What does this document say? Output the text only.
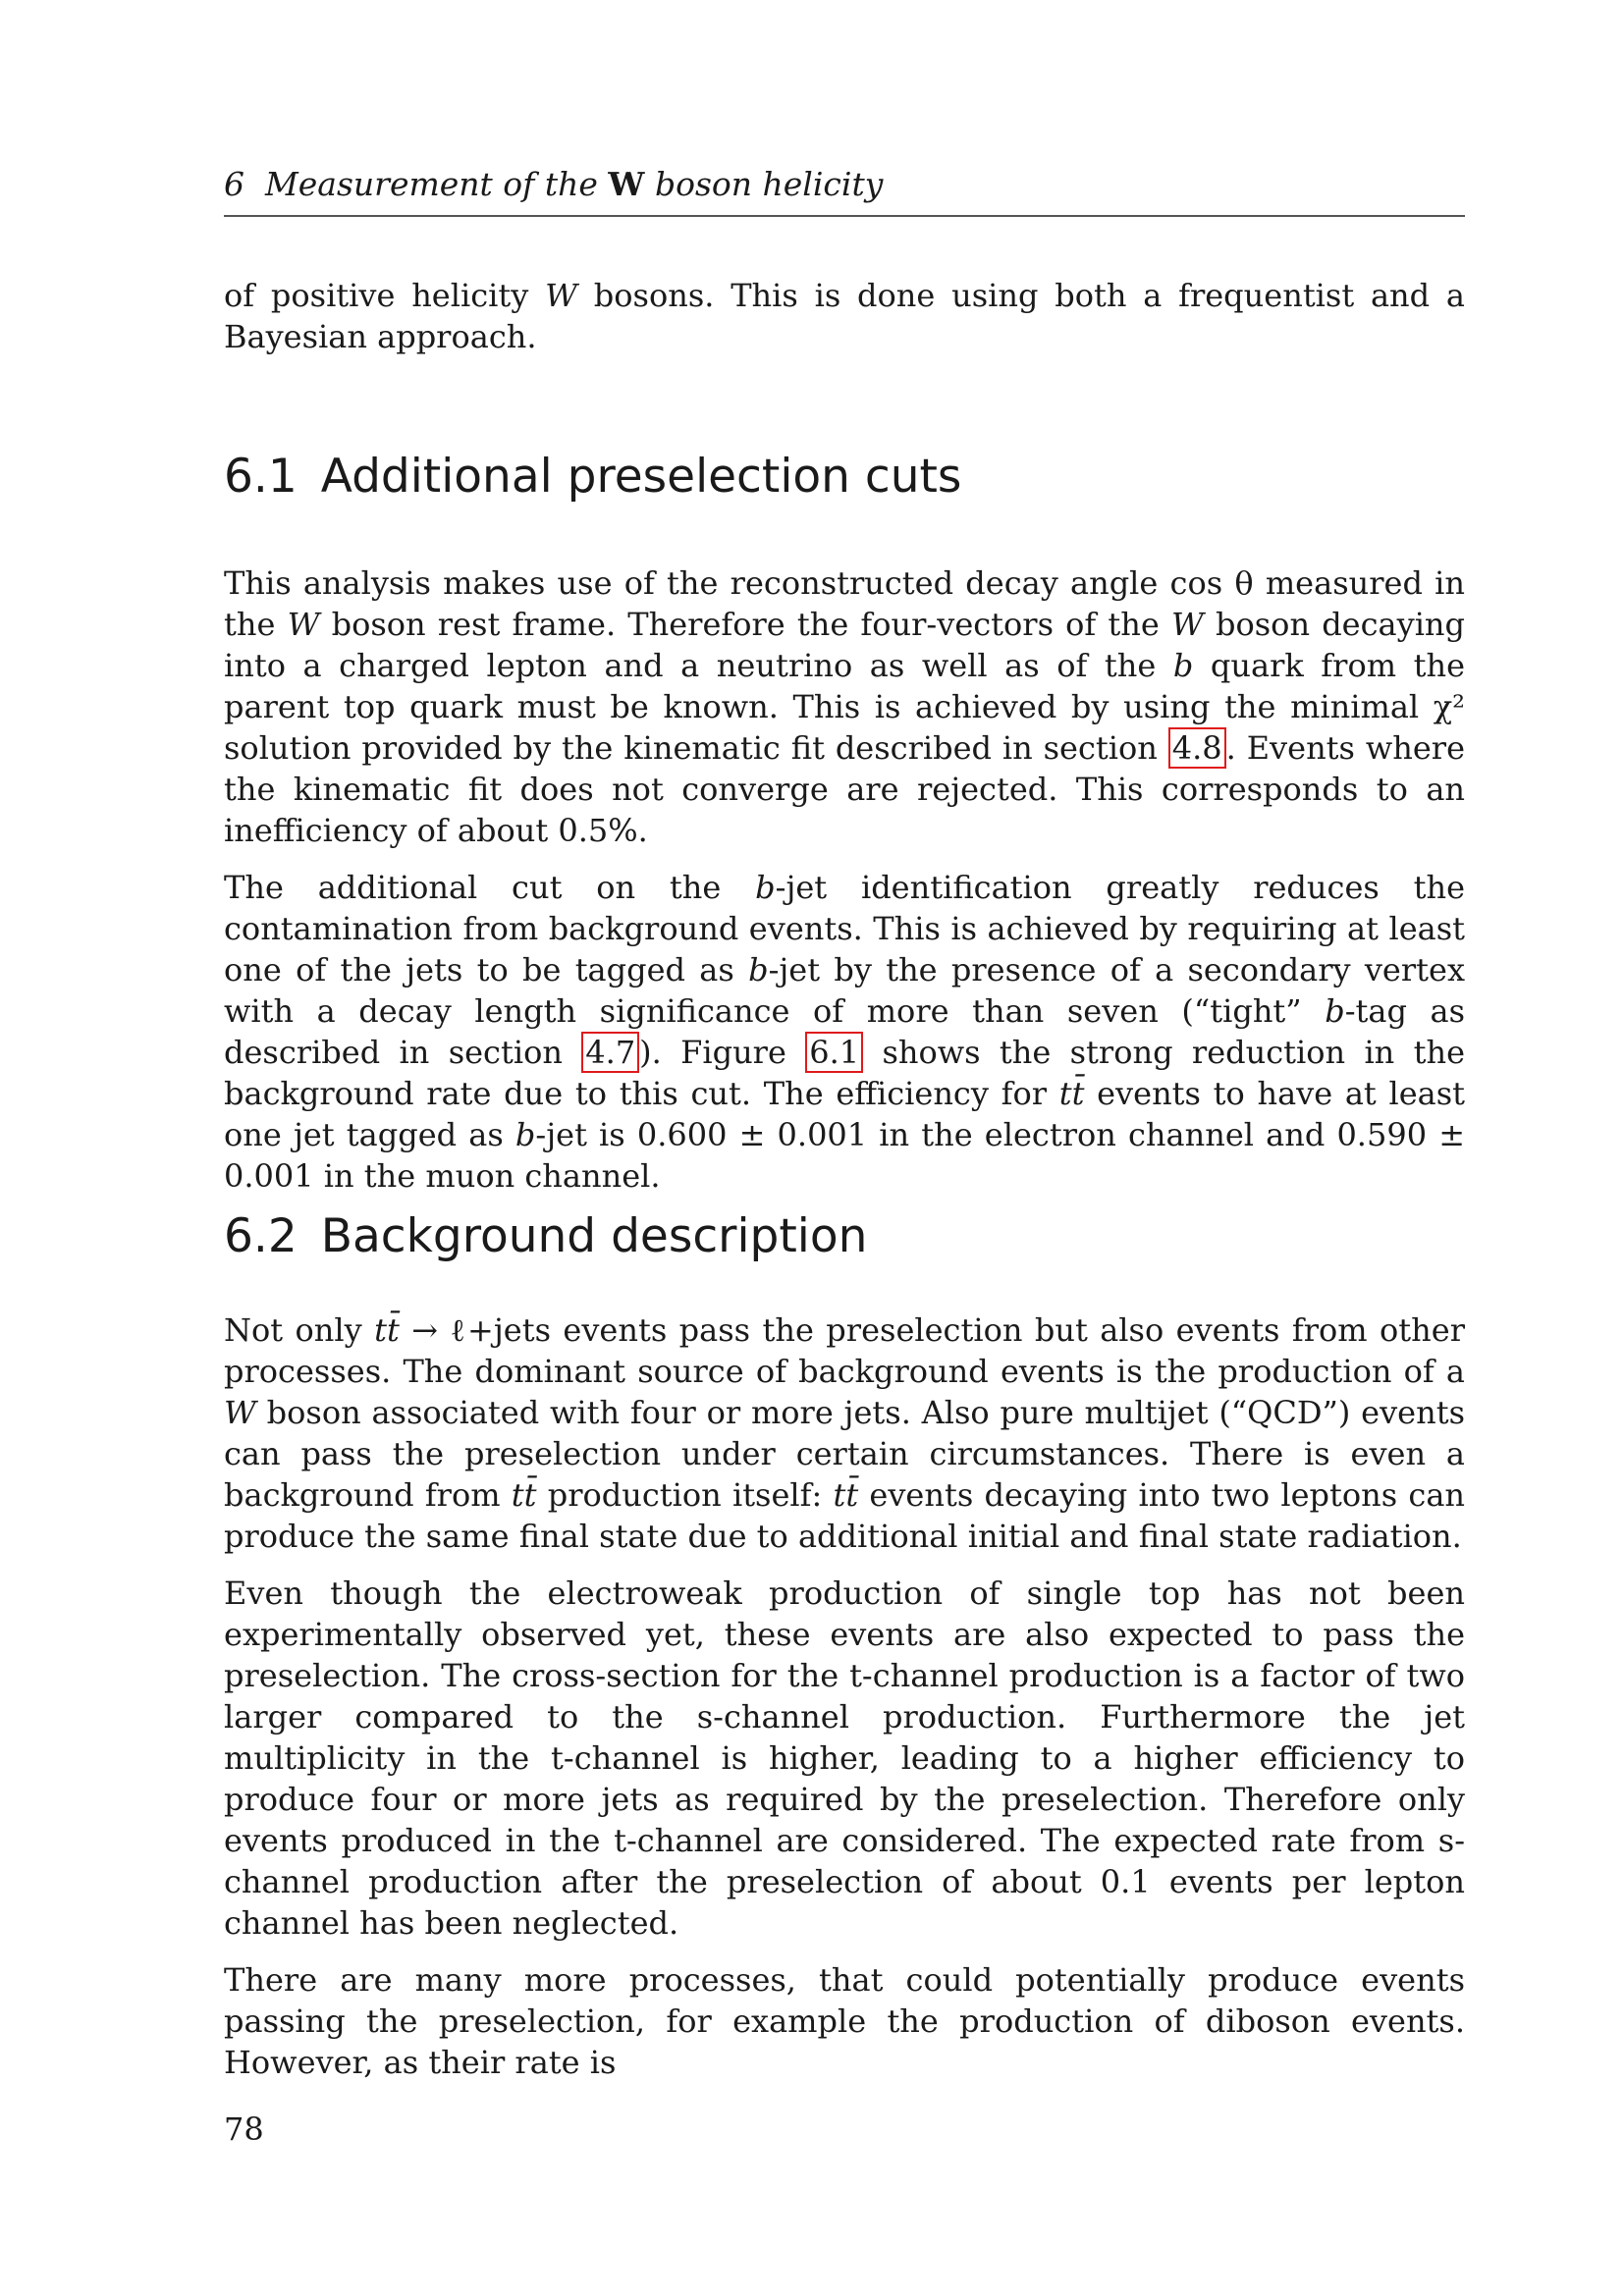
6 Measurement of the W boson helicity

of positive helicity W bosons. This is done using both a frequentist and a Bayesian approach.

6.1 Additional preselection cuts

This analysis makes use of the reconstructed decay angle cos θ measured in the W boson rest frame. Therefore the four-vectors of the W boson decaying into a charged lepton and a neutrino as well as of the b quark from the parent top quark must be known. This is achieved by using the minimal χ² solution provided by the kinematic fit described in section 4.8 . Events where the kinematic fit does not converge are rejected. This corresponds to an inefficiency of about 0.5%.

The additional cut on the b-jet identification greatly reduces the contamination from background events. This is achieved by requiring at least one of the jets to be tagged as b-jet by the presence of a secondary vertex with a decay length significance of more than seven (“tight” b-tag as described in section 4.7 ). Figure 6.1 shows the strong reduction in the background rate due to this cut. The efficiency for tt̄ events to have at least one jet tagged as b-jet is 0.600 ± 0.001 in the electron channel and 0.590 ± 0.001 in the muon channel.

6.2 Background description

Not only tt̄ → ℓ+jets events pass the preselection but also events from other processes. The dominant source of background events is the production of a W boson associated with four or more jets. Also pure multijet (“QCD”) events can pass the preselection under certain circumstances. There is even a background from tt̄ production itself: tt̄ events decaying into two leptons can produce the same final state due to additional initial and final state radiation.

Even though the electroweak production of single top has not been experimentally observed yet, these events are also expected to pass the preselection. The cross-section for the t-channel production is a factor of two larger compared to the s-channel production. Furthermore the jet multiplicity in the t-channel is higher, leading to a higher efficiency to produce four or more jets as required by the preselection. Therefore only events produced in the t-channel are considered. The expected rate from s-channel production after the preselection of about 0.1 events per lepton channel has been neglected.

There are many more processes, that could potentially produce events passing the preselection, for example the production of diboson events. However, as their rate is

78
